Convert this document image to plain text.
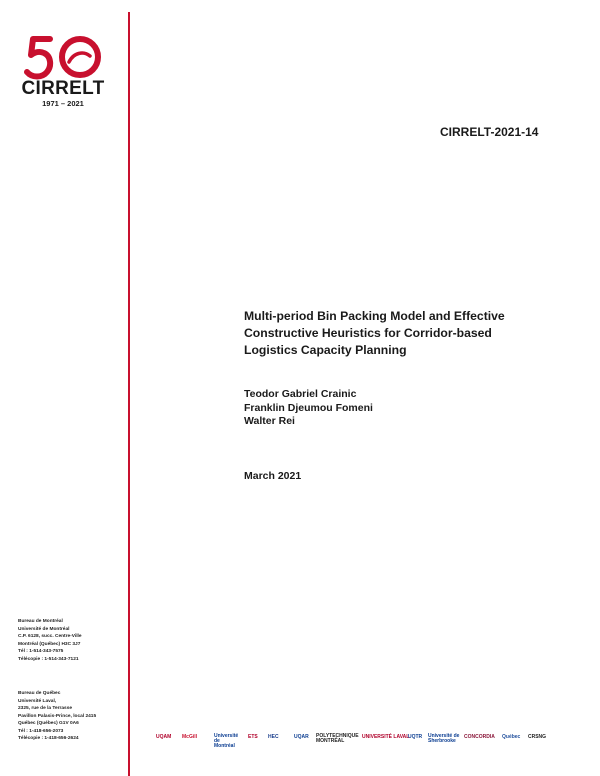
CIRRELT
1971 – 2021
CIRRELT-2021-14
Multi-period Bin Packing Model and Effective
Constructive Heuristics for Corridor-based
Logistics Capacity Planning
Teodor Gabriel Crainic
Franklin Djeumou Fomeni
Walter Rei
March 2021
Bureau de Montréal
Université de Montréal
C.P. 6128, succ. Centre-Ville
Montréal (Québec) H3C 3J7
Tél : 1-514-343-7575
Télécopie : 1-514-343-7121
Bureau de Québec
Université Laval,
2325, rue de la Terrasse
Pavillon Palasis-Prince, local 2415
Québec (Québec) G1V 0A6
Tél : 1-418-656-2073
Télécopie : 1-418-656-2624	UQAM McGill	Université de Montréal
ETS HEC	UQAR POLYTECHNIQUE MONTRÉAL
UNIVERSITÉ LAVAL
UQTR Université de Sherbrooke
CONCORDIA Québec CRSNG
